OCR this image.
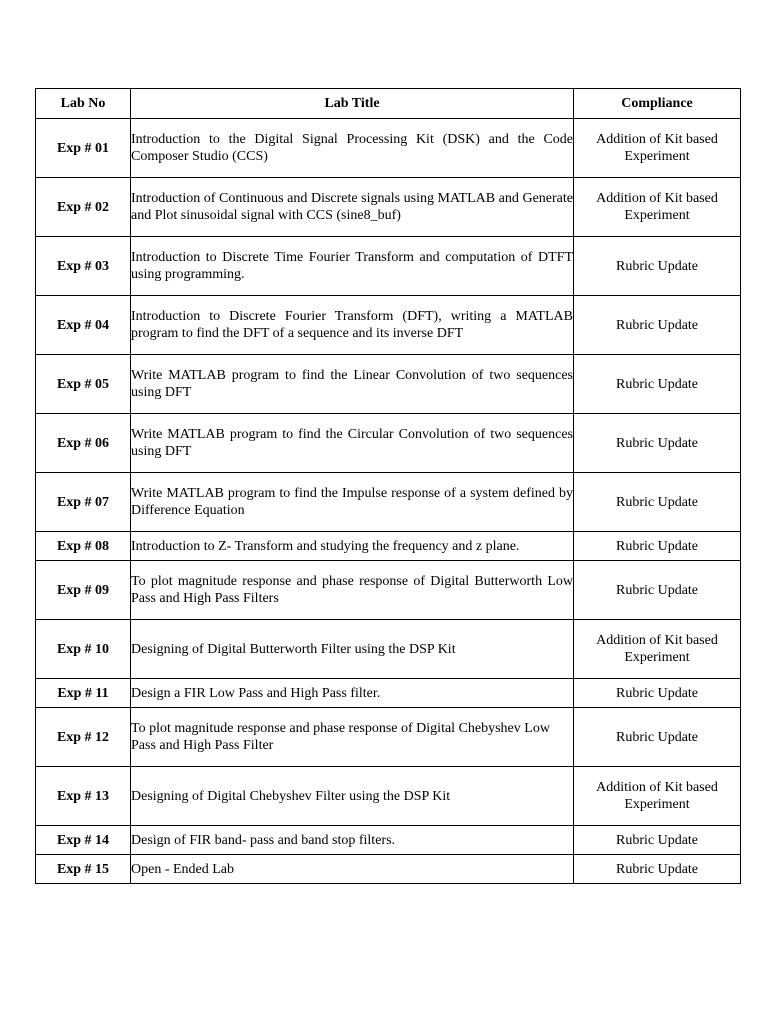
Lab No	Lab Title	Compliance
Exp # 01	Introduction to the Digital Signal Processing Kit (DSK) and the Code Composer Studio (CCS)	Addition of Kit based Experiment
Exp # 02	Introduction of Continuous and Discrete signals using MATLAB and Generate and Plot sinusoidal signal with CCS (sine8_buf)	Addition of Kit based Experiment
Exp # 03	Introduction to Discrete Time Fourier Transform and computation of DTFT using programming.	Rubric Update
Exp # 04	Introduction to Discrete Fourier Transform (DFT), writing a MATLAB program to find the DFT of a sequence and its inverse DFT	Rubric Update
Exp # 05	Write MATLAB program to find the Linear Convolution of two sequences using DFT	Rubric Update
Exp # 06	Write MATLAB program to find the Circular Convolution of two sequences using DFT	Rubric Update
Exp # 07	Write MATLAB program to find the Impulse response of a system defined by Difference Equation	Rubric Update
Exp # 08	Introduction to Z- Transform and studying the frequency and z plane.	Rubric Update
Exp # 09	To plot magnitude response and phase response of Digital Butterworth Low Pass and High Pass Filters	Rubric Update
Exp # 10	Designing of Digital Butterworth Filter using the DSP Kit	Addition of Kit based Experiment
Exp # 11	Design a FIR Low Pass and High Pass filter.	Rubric Update
Exp # 12	To plot magnitude response and phase response of Digital Chebyshev Low Pass and High Pass Filter	Rubric Update
Exp # 13	Designing of Digital Chebyshev Filter using the DSP Kit	Addition of Kit based Experiment
Exp # 14	Design of FIR band- pass and band stop filters.	Rubric Update
Exp # 15	Open - Ended Lab	Rubric Update
